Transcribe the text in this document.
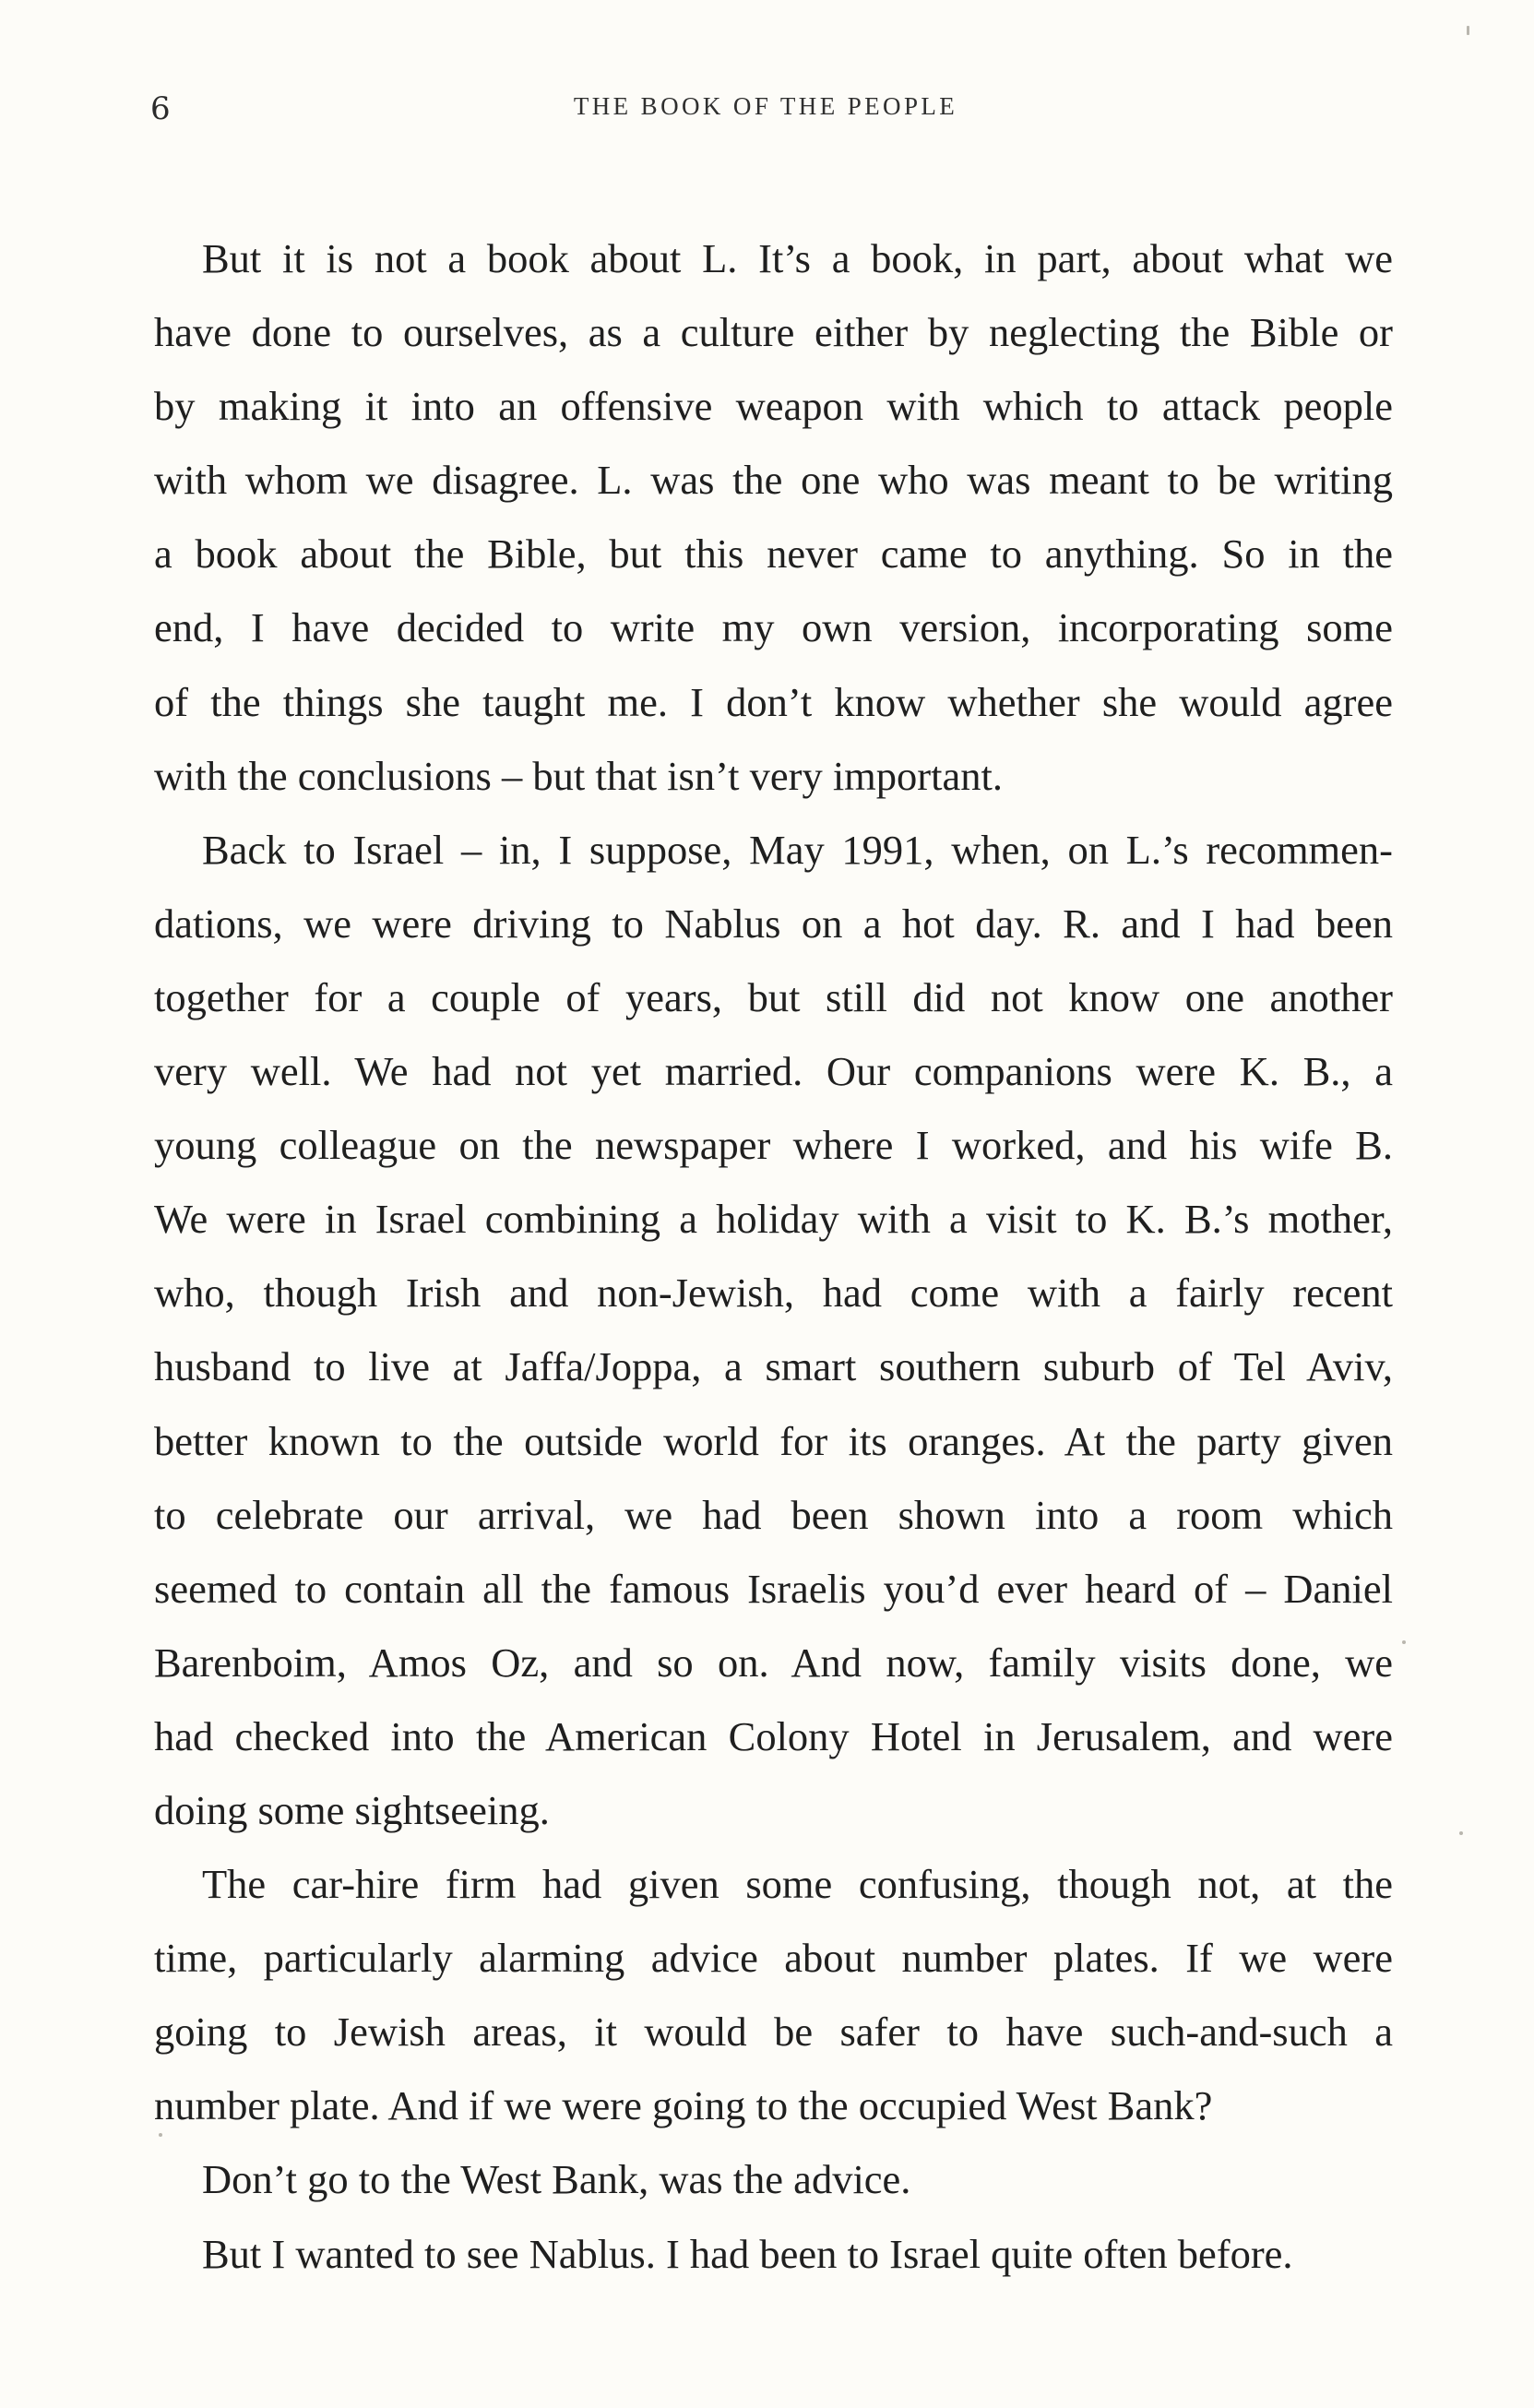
6	THE BOOK OF THE PEOPLE

But it is not a book about L. It’s a book, in part, about what we
have done to ourselves, as a culture either by neglecting the Bible or
by making it into an offensive weapon with which to attack people
with whom we disagree. L. was the one who was meant to be writing
a book about the Bible, but this never came to anything. So in the
end, I have decided to write my own version, incorporating some
of the things she taught me. I don’t know whether she would agree
with the conclusions – but that isn’t very important.

Back to Israel – in, I suppose, May 1991, when, on L.’s recommen-
dations, we were driving to Nablus on a hot day. R. and I had been
together for a couple of years, but still did not know one another
very well. We had not yet married. Our companions were K. B., a
young colleague on the newspaper where I worked, and his wife B.
We were in Israel combining a holiday with a visit to K. B.’s mother,
who, though Irish and non-Jewish, had come with a fairly recent
husband to live at Jaffa/Joppa, a smart southern suburb of Tel Aviv,
better known to the outside world for its oranges. At the party given
to celebrate our arrival, we had been shown into a room which
seemed to contain all the famous Israelis you’d ever heard of – Daniel
Barenboim, Amos Oz, and so on. And now, family visits done, we
had checked into the American Colony Hotel in Jerusalem, and were
doing some sightseeing.

The car-hire firm had given some confusing, though not, at the
time, particularly alarming advice about number plates. If we were
going to Jewish areas, it would be safer to have such-and-such a
number plate. And if we were going to the occupied West Bank?

Don’t go to the West Bank, was the advice.

But I wanted to see Nablus. I had been to Israel quite often before.
